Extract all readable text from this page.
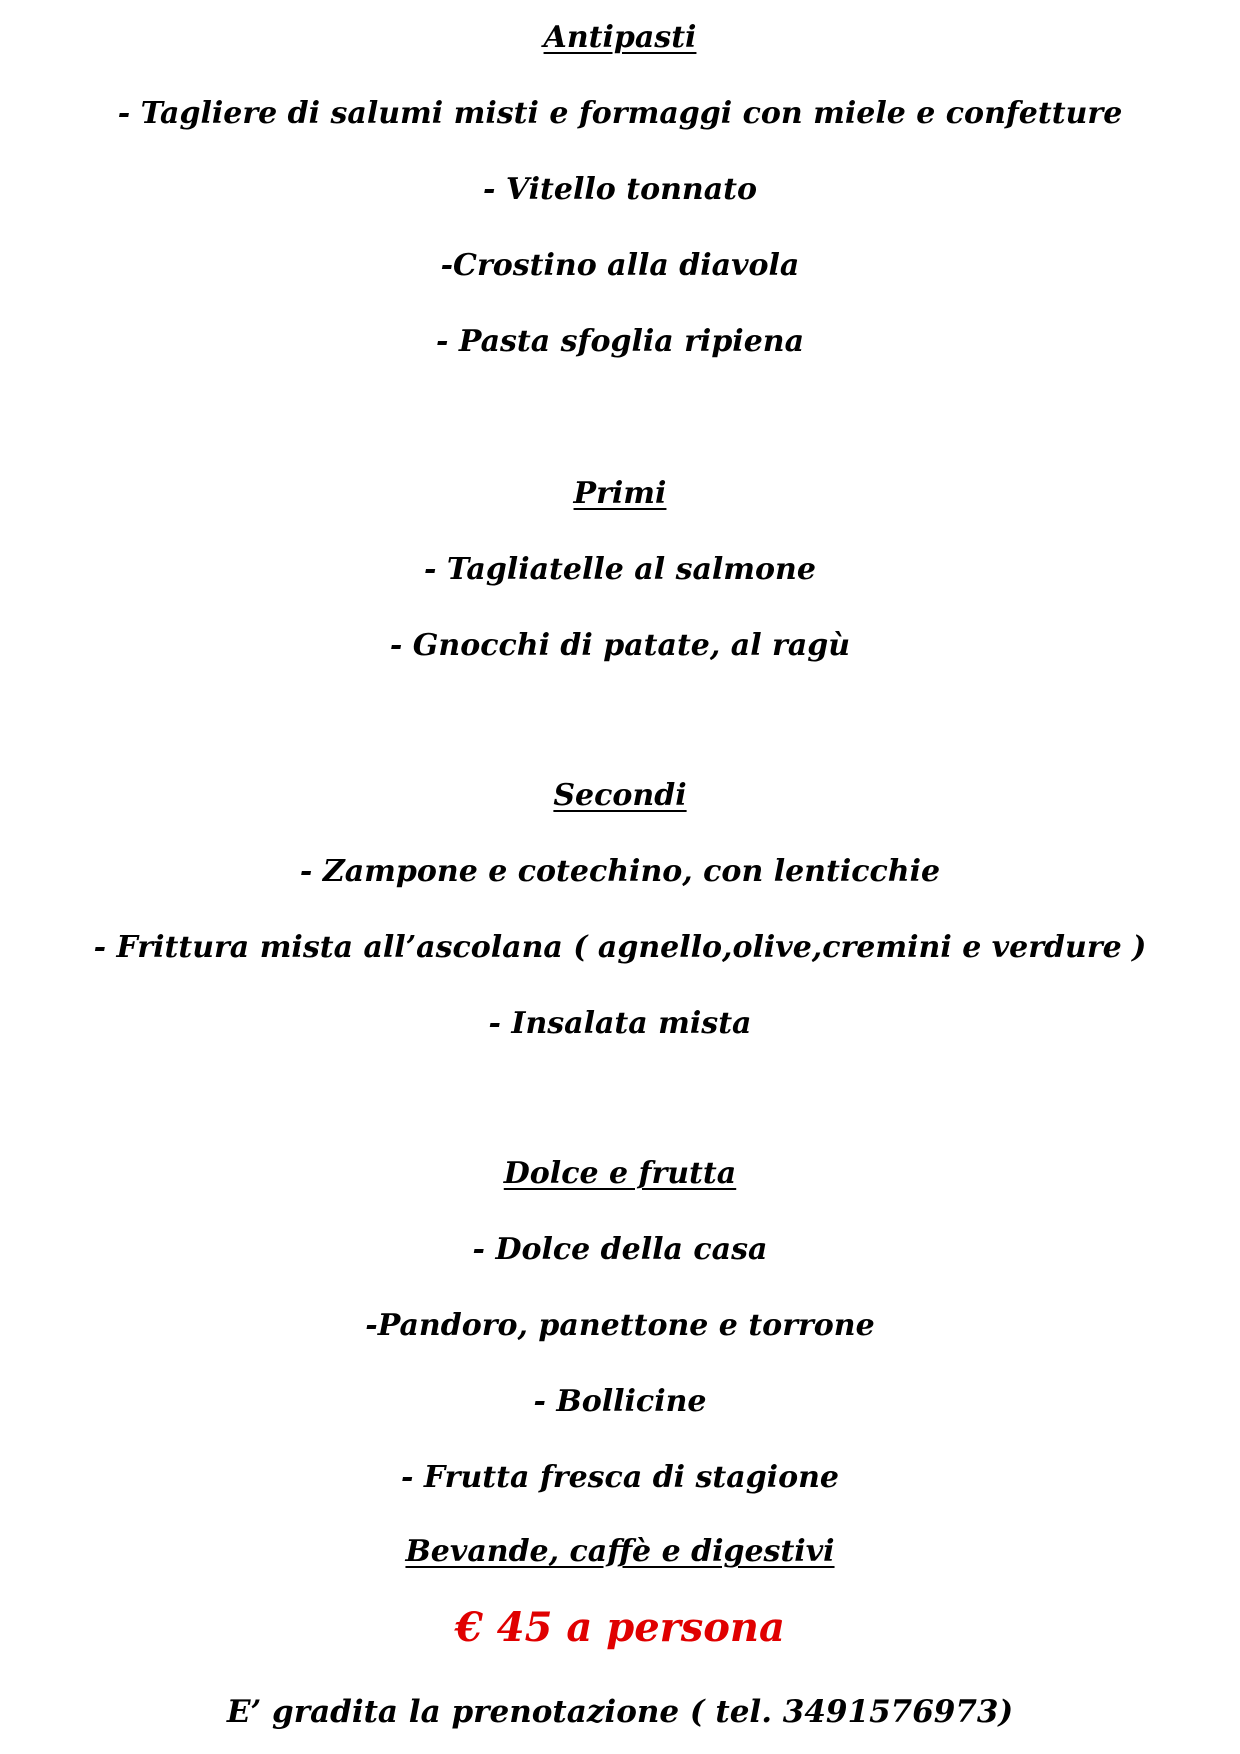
Antipasti
- Tagliere di salumi misti e formaggi con miele e confetture
- Vitello tonnato
-Crostino alla diavola
- Pasta sfoglia ripiena
Primi
- Tagliatelle al salmone
- Gnocchi di patate, al ragù
Secondi
- Zampone e cotechino, con lenticchie
- Frittura mista all’ascolana ( agnello,olive,cremini e verdure )
- Insalata mista
Dolce e frutta
- Dolce della casa
-Pandoro, panettone e torrone
- Bollicine
- Frutta fresca di stagione
Bevande, caffè e digestivi
€ 45 a persona
E’ gradita la prenotazione ( tel. 3491576973)
